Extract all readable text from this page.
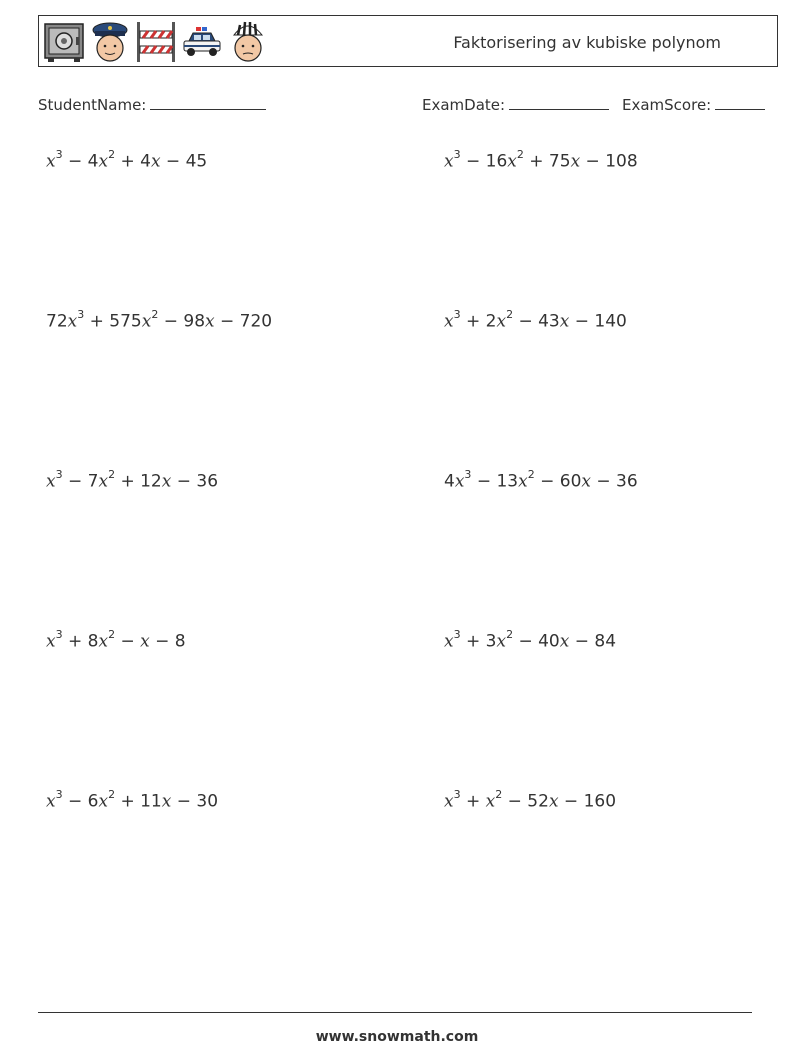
Faktorisering av kubiske polynom
StudentName:	ExamDate:	ExamScore:
$x^3 - 4x^2 + 4x - 45$	$x^3 - 16x^2 + 75x - 108$
$72x^3 + 575x^2 - 98x - 720$	$x^3 + 2x^2 - 43x - 140$
$x^3 - 7x^2 + 12x - 36$	$4x^3 - 13x^2 - 60x - 36$
$x^3 + 8x^2 - x - 8$	$x^3 + 3x^2 - 40x - 84$
$x^3 - 6x^2 + 11x - 30$	$x^3 + x^2 - 52x - 160$
www.snowmath.com
